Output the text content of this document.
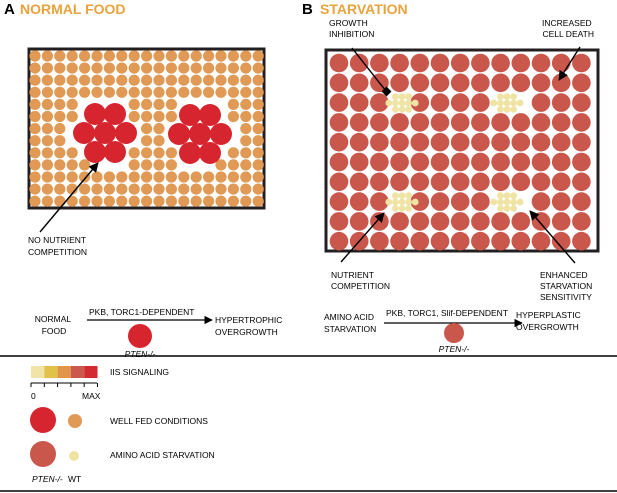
A NORMAL FOOD
NO NUTRIENT COMPETITION
B STARVATION
GROWTH INHIBITION
INCREASED CELL DEATH
NUTRIENT COMPETITION
ENHANCED STARVATION SENSITIVITY
NORMAL FOOD
PKB, TORC1-DEPENDENT
HYPERTROPHIC OVERGROWTH
PTEN-/-
AMINO ACID STARVATION
PKB, TORC1, Slif-DEPENDENT HYPERPLASTIC OVERGROWTH
PTEN-/-
IIS SIGNALING
0	MAX
WELL FED CONDITIONS
AMINO ACID STARVATION
PTEN-/- WT
